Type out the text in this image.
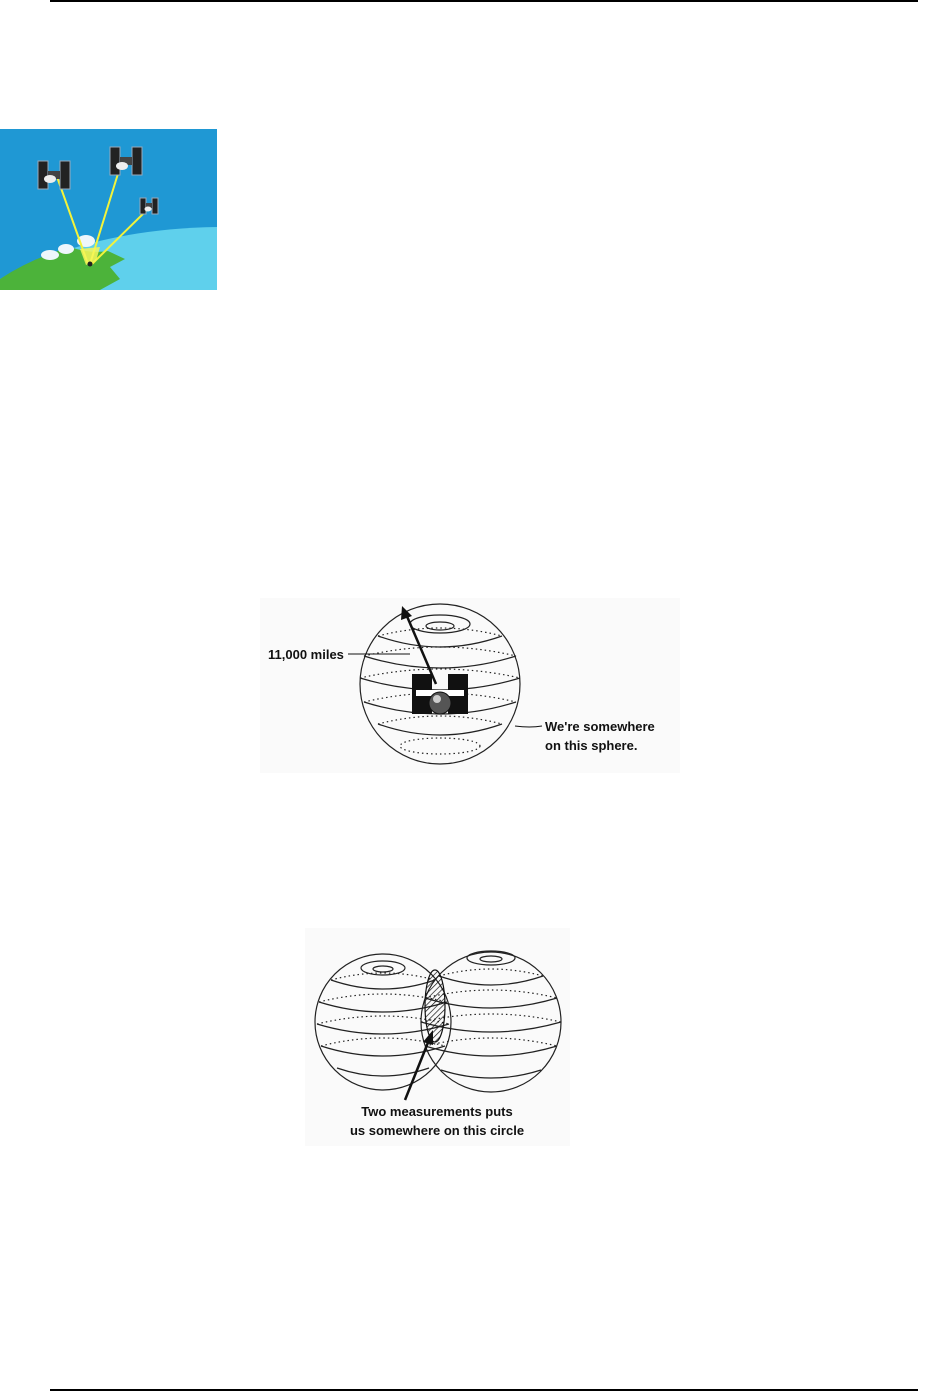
11,000 miles
We're somewhere
on this sphere.
Two measurements puts
us somewhere on this circle
